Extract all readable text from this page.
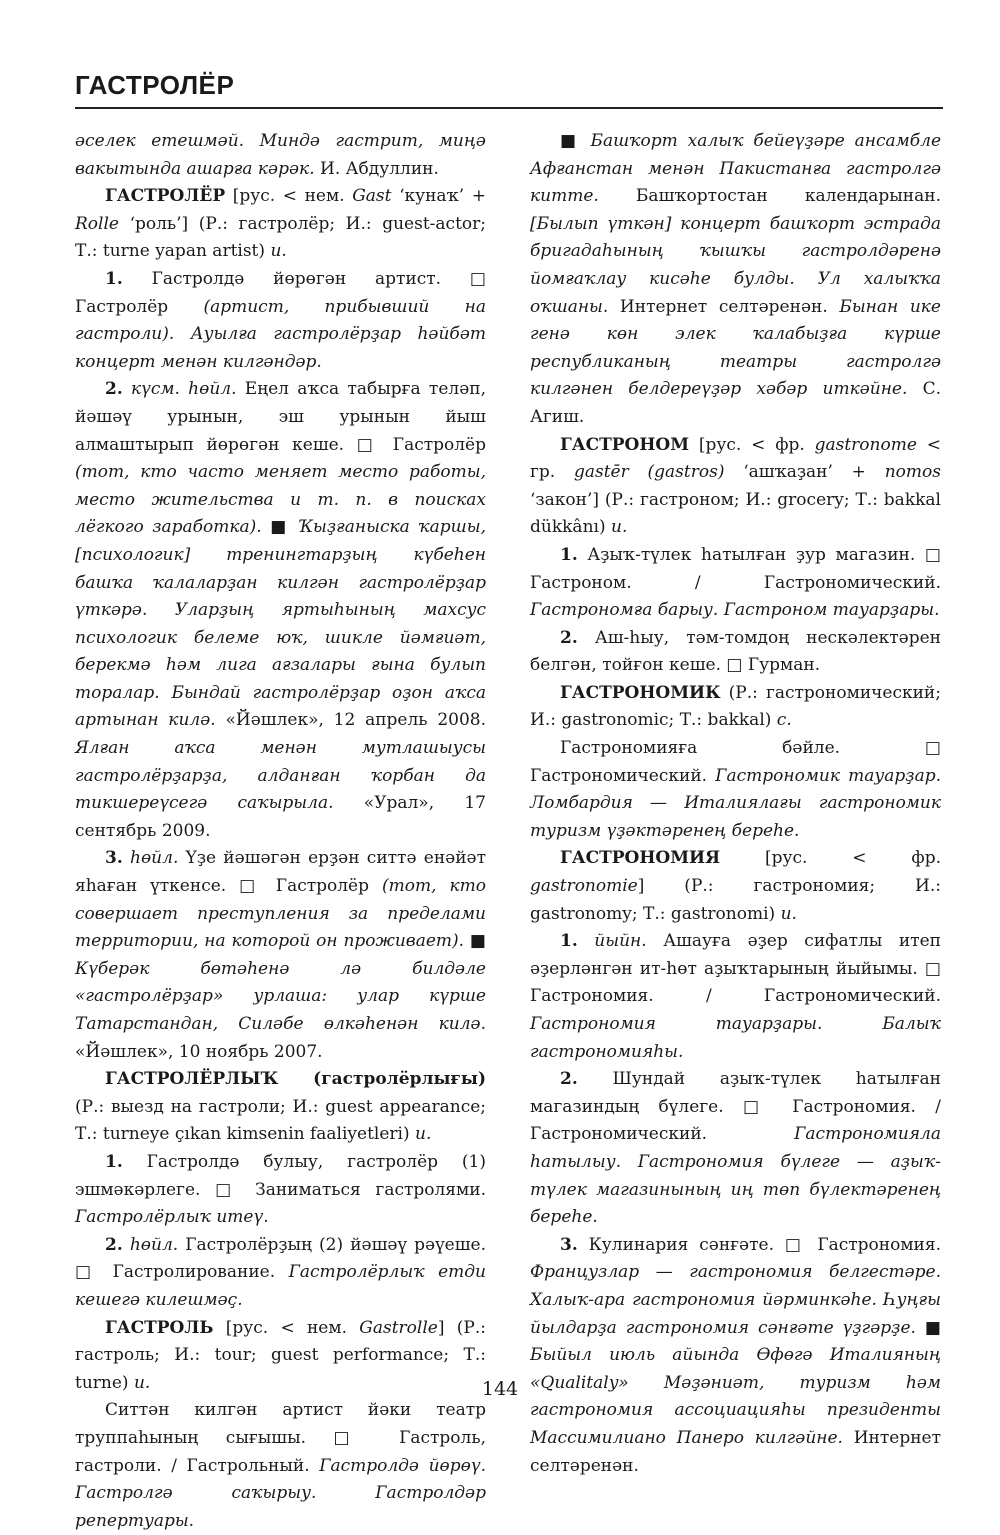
ГАСТРОЛЁР

әселек етешмәй. Миндә гастрит, миңә вакытында ашарға кәрәк. И. Абдуллин.

ГАСТРОЛЁР [рус. < нем. Gast ‘кунаҡ’ + Rolle ‘роль’] (Р.: гастролёр; И.: guest-actor; Т.: turne yapan artist) и.

1. Гастролдә йөрөгән артист. □ Гастролёр (артист, прибывший на гастроли). Ауылға гастролёрҙар һәйбәт концерт менән килгәндәр.

2. күсм. һөйл. Еңел аҡса табырға теләп, йәшәү урынын, эш урынын йыш алмаштырып йөрөгән кеше. □ Гастролёр (тот, кто часто меняет место работы, место жительства и т. п. в поисках лёгкого заработка). ■ Ҡыҙғаныска ҡаршы, [психологик] тренингтарҙың күбеһен башҡа ҡалаларҙан килгән гастролёрҙар үткәрә. Уларҙың яртыһының махсус психологик белеме юҡ, шикле йәмғиәт, берекмә һәм лига ағзалары ғына булып торалар. Бындай гастролёрҙар оҙон аҡса артынан килә. «Йәшлек», 12 апрель 2008. Ялған аҡса менән мутлашыусы гастролёрҙарҙа, алданған ҡорбан да тикшереүсегә саҡырыла. «Урал», 17 сентябрь 2009.

3. һөйл. Үҙе йәшәгән ерҙән ситтә енәйәт яһаған үткенсе. □ Гастролёр (тот, кто совершает преступления за пределами территории, на которой он проживает). ■ Күберәк бөтәһенә лә билдәле «гастролёрҙар» урлаша: улар күрше Татарстандан, Силәбе өлкәһенән килә. «Йәшлек», 10 ноябрь 2007.

ГАСТРОЛЁРЛЫҠ (гастролёрлығы) (Р.: выезд на гастроли; И.: guest appearance; Т.: turneye çıkan kimsenin faaliyetleri) и.

1. Гастролдә булыу, гастролёр (1) эшмәкәрлеге. □ Заниматься гастролями. Гастролёрлыҡ итеү.

2. һөйл. Гастролёрҙың (2) йәшәү рәүеше. □ Гастролирование. Гастролёрлыҡ етди кешегә килешмәҫ.

ГАСТРОЛЬ [рус. < нем. Gastrolle] (Р.: гастроль; И.: tour; guest performance; Т.: turne) и.

Ситтән килгән артист йәки театр труппаһының сығышы. □ Гастроль, гастроли. / Гастрольный. Гастролдә йөрөү. Гастролгә саҡырыу. Гастролдәр репертуары.

■ Башҡорт халыҡ бейеүҙәре ансамбле Афғанстан менән Пакистанға гастролгә китте. Башҡортостан календарынан. [Былып үткән] концерт башҡорт эстрада бригадаһының ҡышҡы гастролдәренә йомғаҡлау кисәһе булды. Ул халыҡҡа оҡшаны. Интернет селтәренән. Бынан ике генә көн элек ҡалабыҙға күрше республиканың театры гастролгә килгәнен белдереүҙәр хәбәр иткәйне. С. Агиш.

ГАСТРОНОМ [рус. < фр. gastronome < гр. gastēr (gastros) ‘ашҡаҙан’ + nomos ‘закон’] (Р.: гастроном; И.: grocery; Т.: bakkal dükkânı) и.

1. Аҙыҡ-түлек һатылған ҙур магазин. □ Гастроном. / Гастрономический. Гастрономға барыу. Гастроном тауарҙары.

2. Аш-һыу, тәм-томдоң нескәлектәрен белгән, тойғон кеше. □ Гурман.

ГАСТРОНОМИК (Р.: гастрономический; И.: gastronomic; Т.: bakkal) с.

Гастрономияға бәйле. □ Гастрономический. Гастрономик тауарҙар. Ломбардия — Италиялағы гастрономик туризм үҙәктәренең береһе.

ГАСТРОНОМИЯ [рус. < фр. gastronomie] (Р.: гастрономия; И.: gastronomy; Т.: gastronomi) и.

1. йыйн. Ашауға әҙер сифатлы итеп әҙерләнгән ит-һөт аҙыҡтарының йыйымы. □ Гастрономия. / Гастрономический. Гастрономия тауарҙары. Балыҡ гастрономияһы.

2. Шундай аҙыҡ-түлек һатылған магазиндың бүлеге. □ Гастрономия. / Гастрономический. Гастрономияла һатылыу. Гастрономия бүлеге — аҙыҡ-түлек магазинының иң төп бүлектәренең береһе.

3. Кулинария сәнғәте. □ Гастрономия. Французлар — гастрономия белгестәре. Халыҡ-ара гастрономия йәрминкәһе. Һуңғы йылдарҙа гастрономия сәнғәте үҙгәрҙе. ■ Быйыл июль айында Өфөгә Италияның «Qualitaly» Мәҙәниәт, туризм һәм гастрономия ассоциацияһы президенты Массимилиано Панеро килгәйне. Интернет селтәренән.

144
